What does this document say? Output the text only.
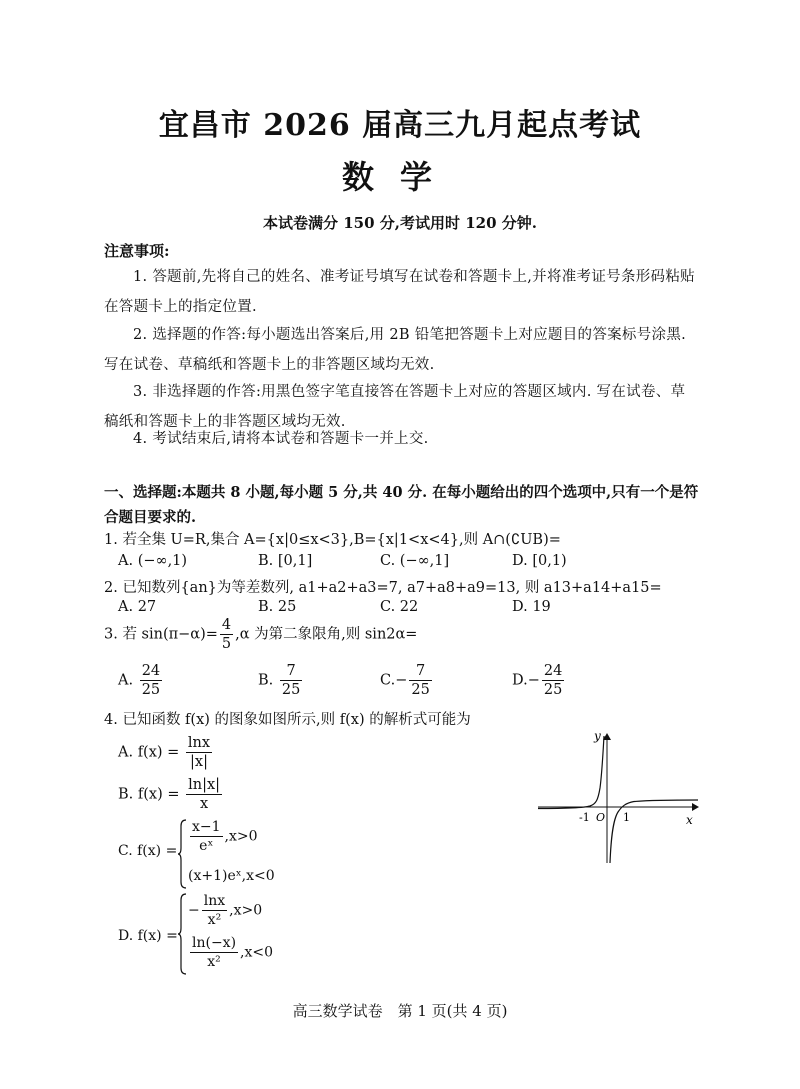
宜昌市 2026 届高三九月起点考试
数学
本试卷满分 150 分,考试用时 120 分钟.
注意事项:
1. 答题前,先将自己的姓名、准考证号填写在试卷和答题卡上,并将准考证号条形码粘贴在答题卡上的指定位置.
2. 选择题的作答:每小题选出答案后,用 2B 铅笔把答题卡上对应题目的答案标号涂黑. 写在试卷、草稿纸和答题卡上的非答题区域均无效.
3. 非选择题的作答:用黑色签字笔直接答在答题卡上对应的答题区域内. 写在试卷、草稿纸和答题卡上的非答题区域均无效.
4. 考试结束后,请将本试卷和答题卡一并上交.
一、选择题:本题共 8 小题,每小题 5 分,共 40 分. 在每小题给出的四个选项中,只有一个是符合题目要求的.
1. 若全集 U=R,集合 A={x|0≤x<3},B={x|1<x<4},则 A∩(∁UB)=
A. (−∞,1)	B. [0,1]	C. (−∞,1]	D. [0,1)
2. 已知数列{an}为等差数列, a1+a2+a3=7, a7+a8+a9=13, 则 a13+a14+a15=
A. 27	B. 25	C. 22	D. 19
3. 若 $\sin(\pi-\alpha)= \frac{4}{5} ,\alpha$ 为第二象限角,则 sin2α=
A. $\frac{24}{25}$	B. $\frac{7}{25}$	$C.- \frac{7}{25}$	$D.- \frac{24}{25}$
4. 已知函数 f(x) 的图象如图所示,则 f(x) 的解析式可能为
A. $f(x) = \frac{\ln x}{|x|}$
B. $f(x) = \frac{\ln|x|}{x}$
C. $f(x) = \frac{x-1}{\text{eˣ}} ,x>0$
(x+1)eˣ,x<0
D. f(x) =
− $\frac{\ln x}{\text{x²}} ,x>0$
$\frac{\ln(-x)}{\text{x²}} ,x<0$
y
x
O
-1	1
高三数学试卷　第 1 页(共 4 页)
